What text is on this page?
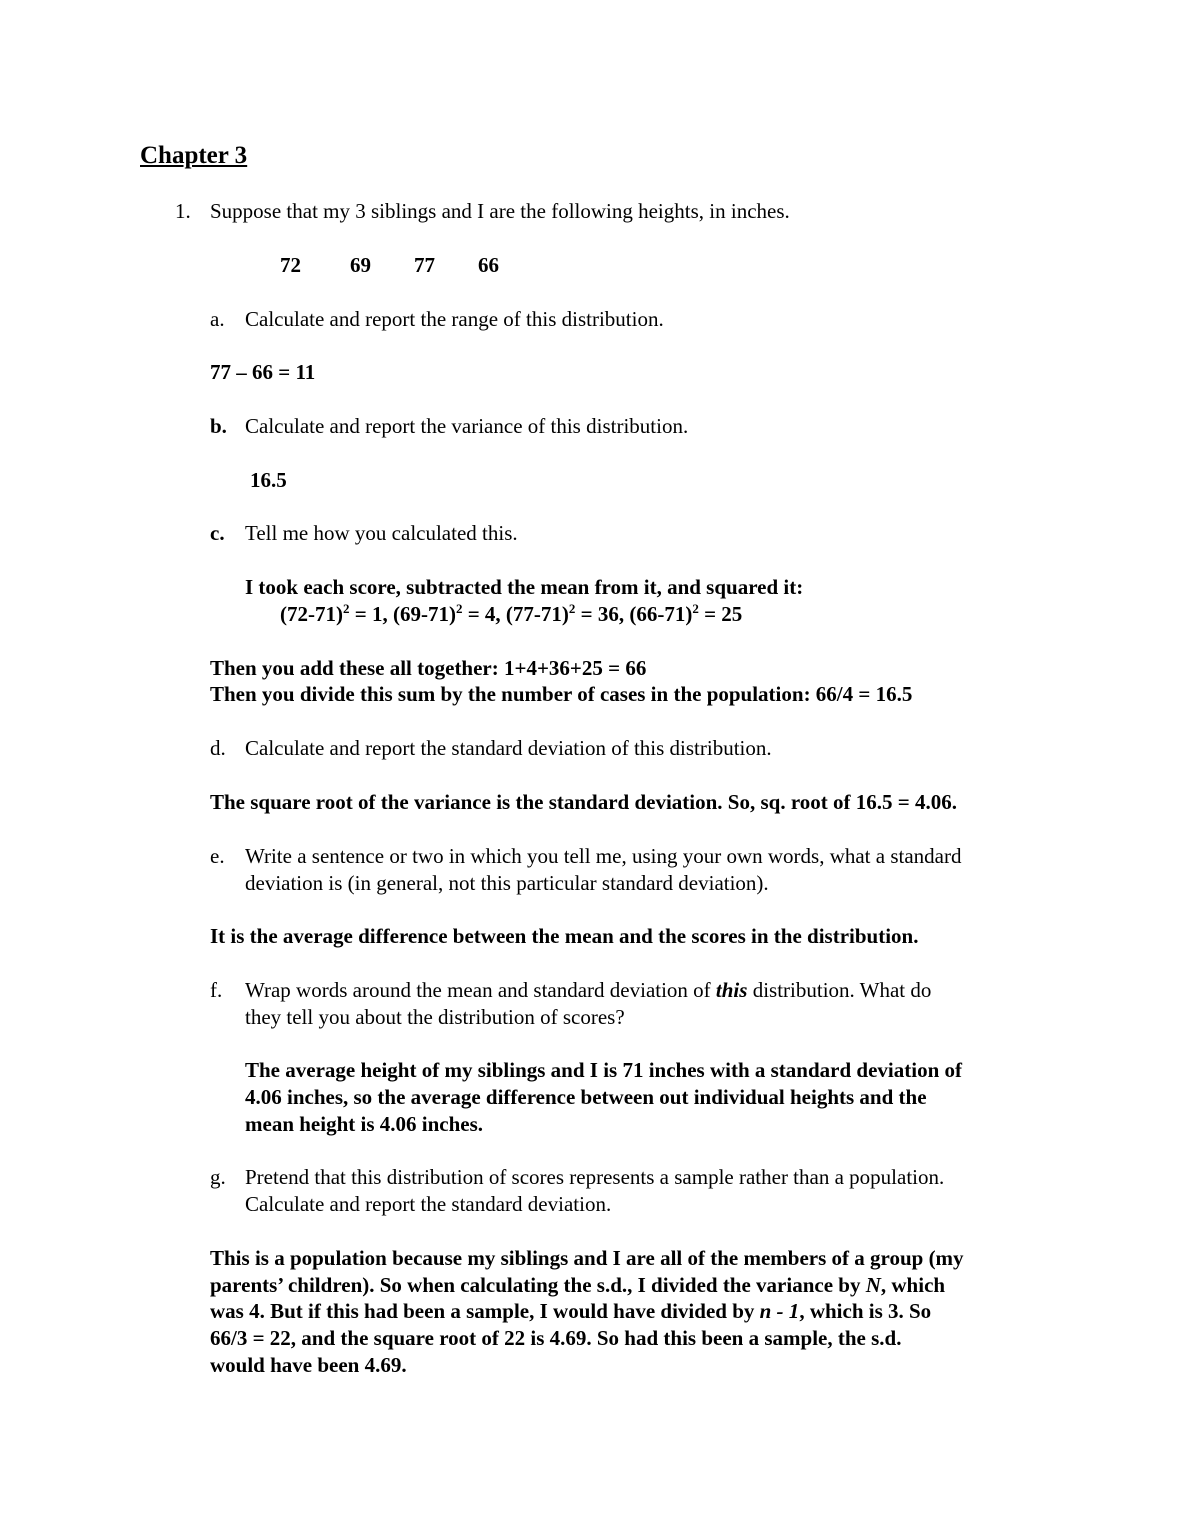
Chapter 3
1. Suppose that my 3 siblings and I are the following heights, in inches.
72 69 77 66
a. Calculate and report the range of this distribution.
77 – 66 = 11
b. Calculate and report the variance of this distribution.
16.5
c. Tell me how you calculated this.
I took each score, subtracted the mean from it, and squared it:
$(72-71)^2 = 1$, $(69-71)^2 = 4$, $(77-71)^2 = 36$, $(66-71)^2 = 25$
Then you add these all together: 1+4+36+25 = 66
Then you divide this sum by the number of cases in the population: 66/4 = 16.5
d. Calculate and report the standard deviation of this distribution.
The square root of the variance is the standard deviation. So, sq. root of 16.5 = 4.06.
e. Write a sentence or two in which you tell me, using your own words, what a standard
deviation is (in general, not this particular standard deviation).
It is the average difference between the mean and the scores in the distribution.
f.	Wrap words around the mean and standard deviation of this distribution. What do
they tell you about the distribution of scores?
The average height of my siblings and I is 71 inches with a standard deviation of
4.06 inches, so the average difference between out individual heights and the
mean height is 4.06 inches.
g. Pretend that this distribution of scores represents a sample rather than a population.
Calculate and report the standard deviation.
This is a population because my siblings and I are all of the members of a group (my
parents’ children). So when calculating the s.d., I divided the variance by N, which
was 4. But if this had been a sample, I would have divided by n - 1, which is 3. So
66/3 = 22, and the square root of 22 is 4.69. So had this been a sample, the s.d.
would have been 4.69.
